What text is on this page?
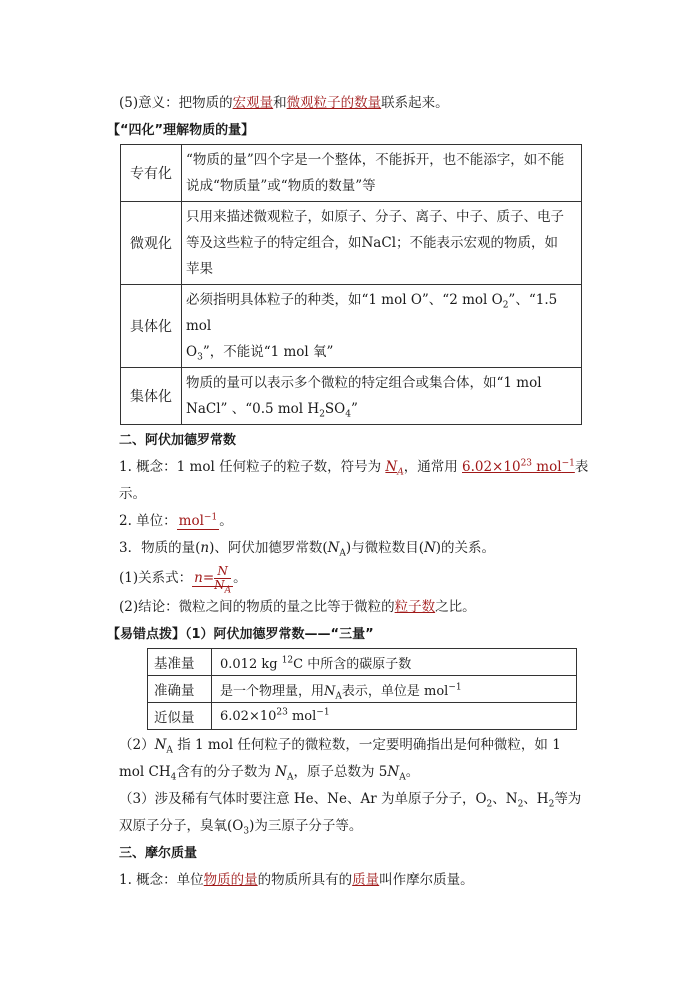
(5)意义：把物质的宏观量和微观粒子的数量联系起来。
【“四化”理解物质的量】
专有化	“物质的量”四个字是一个整体，不能拆开，也不能添字，如不能
说成“物质量”或“物质的数量”等

微观化	只用来描述微观粒子，如原子、分子、离子、中子、质子、电子
等及这些粒子的特定组合，如NaCl；不能表示宏观的物质，如
苹果

具体化	必须指明具体粒子的种类，如“1 mol O”、“2 mol $O_2$”、“1.5 mol
$O_3$”，不能说“1 mol 氧”

集体化	物质的量可以表示多个微粒的特定组合或集合体，如“1 mol
NaCl” 、“0.5 mol $H_2SO_4$”
二、阿伏加德罗常数
1. 概念：1 mol 任何粒子的粒子数，符号为 $N_A$，通常用 $6.02\times 10^{23}$ mol$^{-1}$表
示。
2. 单位： mol$^{-1}$ 。
3．物质的量(n)、阿伏加德罗常数$(N_A)$与微粒数目(N)的关系。
(1)关系式： $n= \frac{N}{N_A}$ 。
(2)结论：微粒之间的物质的量之比等于微粒的粒子数之比。
【易错点拨】（1）阿伏加德罗常数——“三量”
基准量	0.012 kg $^{12}$C 中所含的碳原子数
准确量	是一个物理量，用$N_A$表示，单位是 mol$^{-1}$
近似量	$6.02\times 10^{23}$ mol$^{-1}$
$(2)N_A$ 指 1 mol 任何粒子的微粒数，一定要明确指出是何种微粒，如 1
mol $CH_4$含有的分子数为 $N_A$，原子总数为 $5N_A$。
（3）涉及稀有气体时要注意 He、Ne、Ar 为单原子分子，$O_2$、$N_2$、$H_2$等为
双原子分子，臭氧$(O_3)$为三原子分子等。
三、摩尔质量
1. 概念：单位物质的量的物质所具有的质量叫作摩尔质量。
